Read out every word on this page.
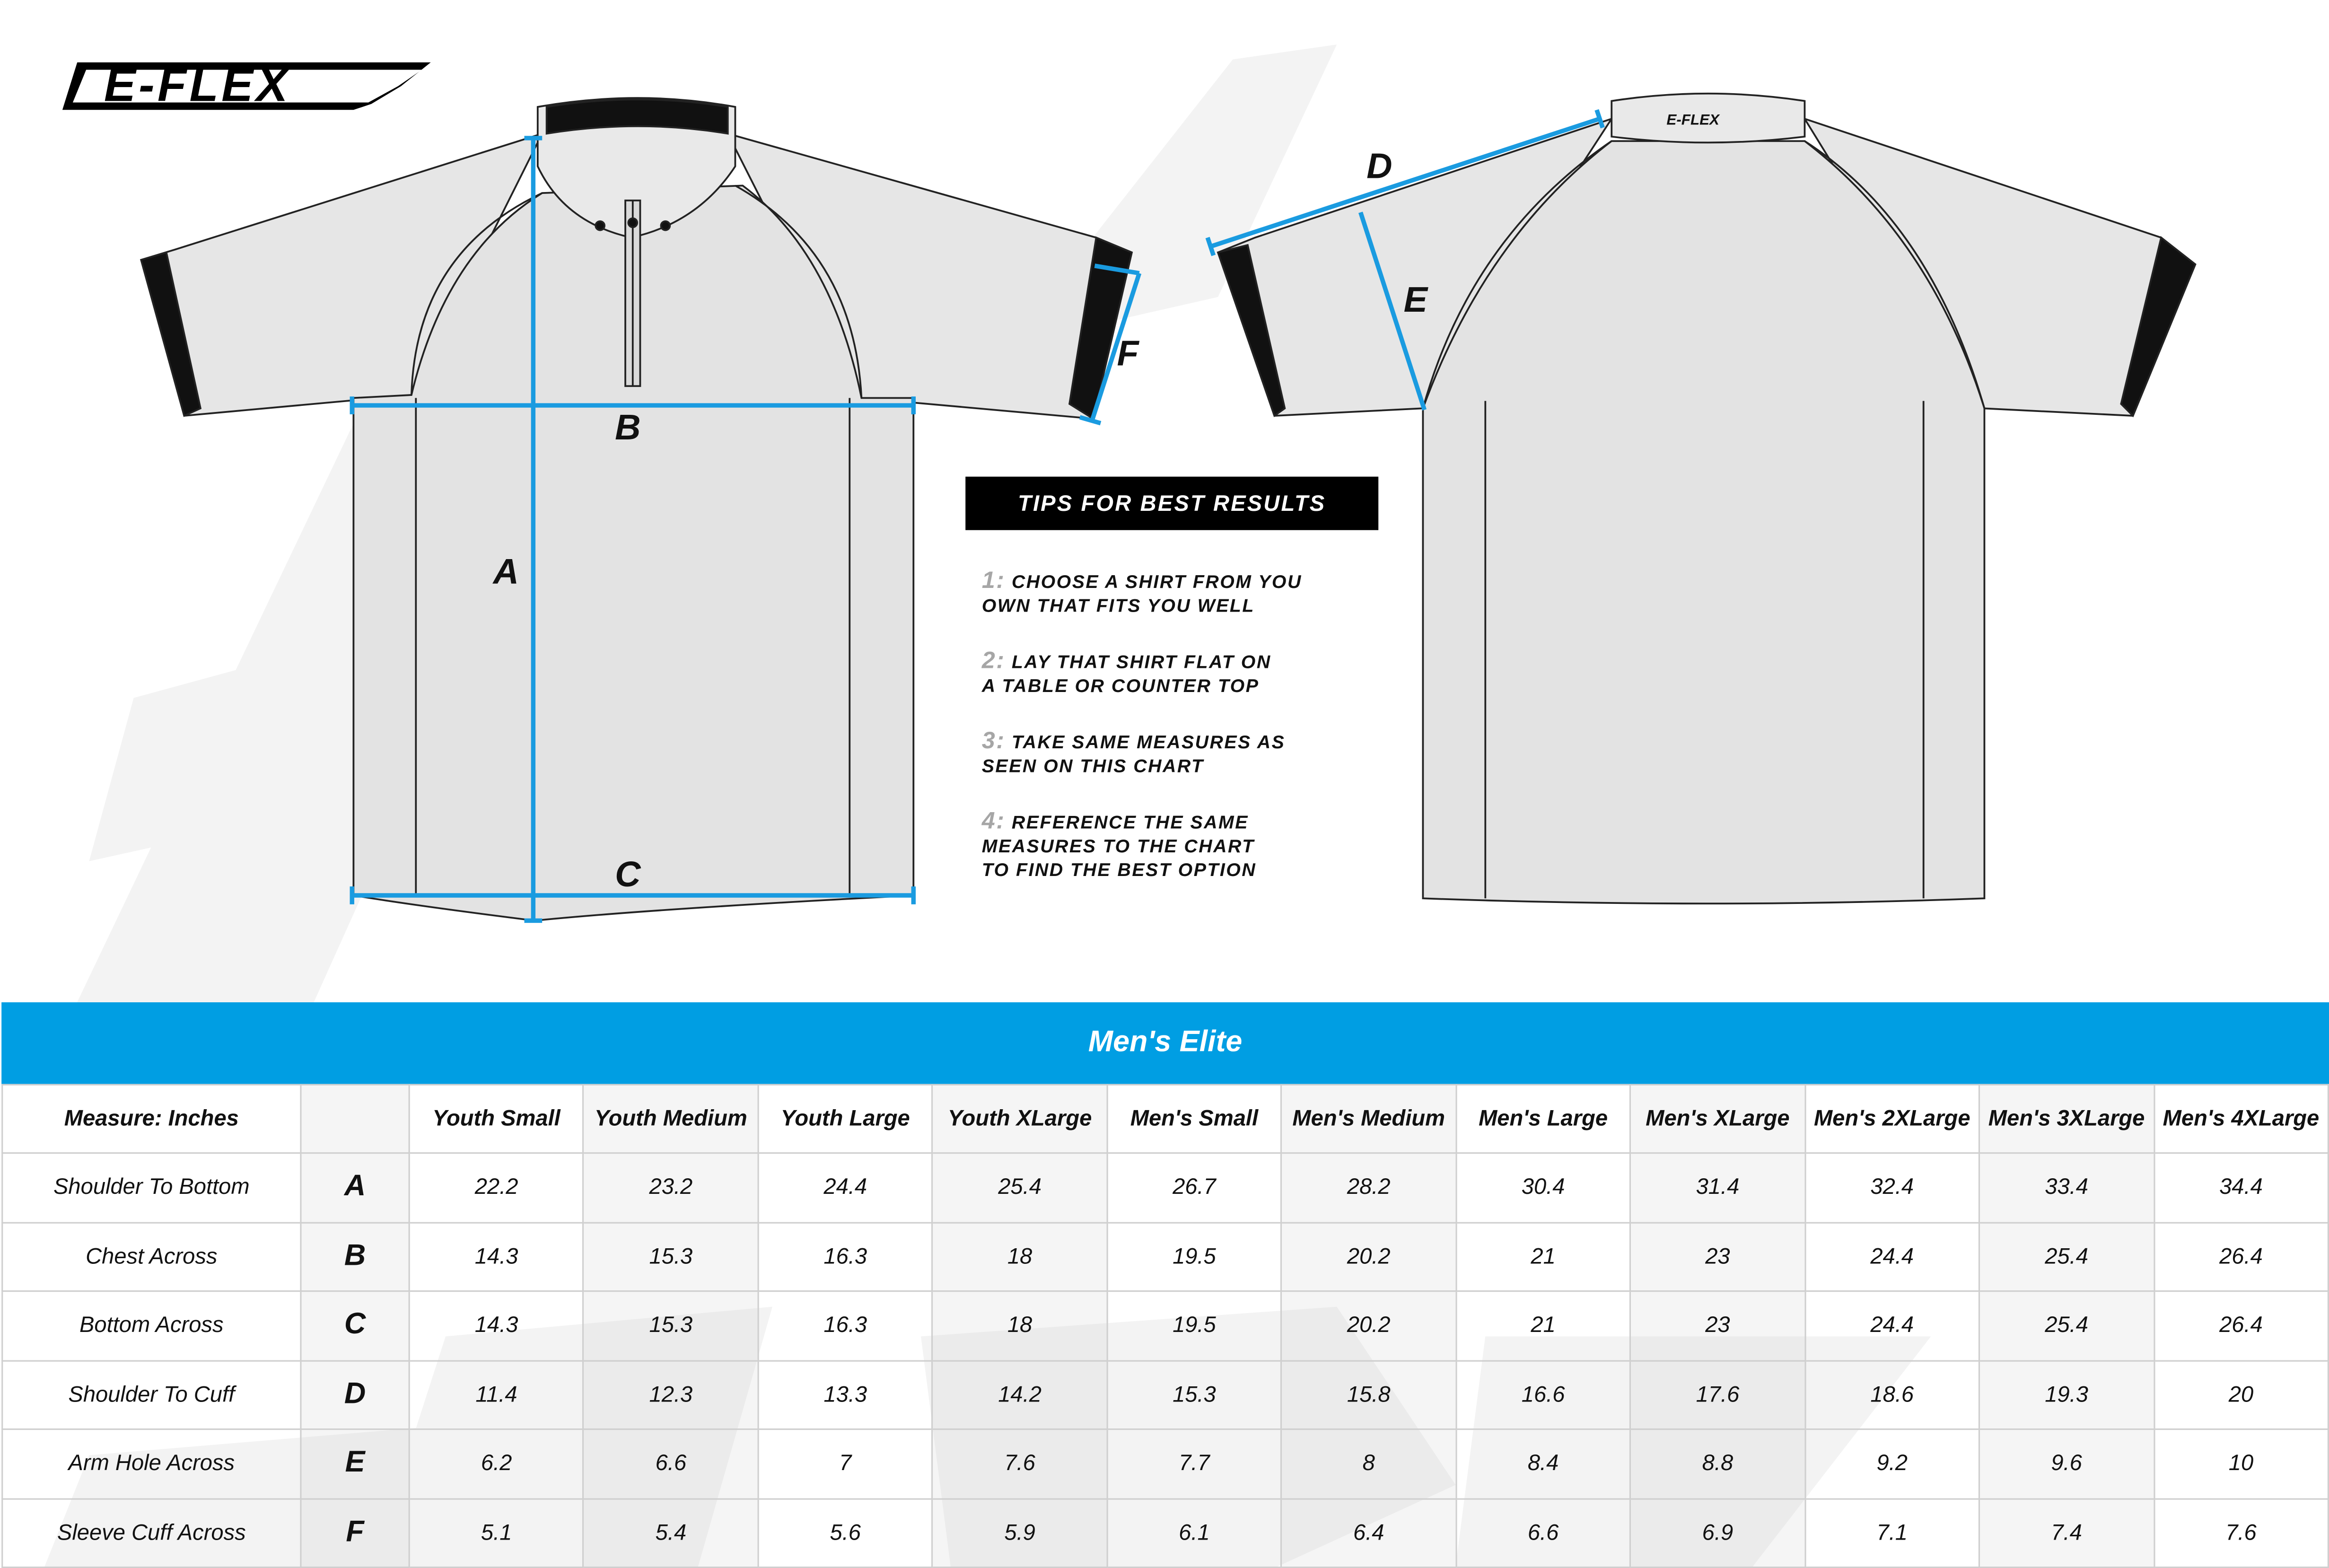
E-FLEX
E-FLEX
A
B
C
D
E
F
TIPS FOR BEST RESULTS
1: CHOOSE A SHIRT FROM YOU
OWN THAT FITS YOU WELL
2: LAY THAT SHIRT FLAT ON
A TABLE OR COUNTER TOP
3: TAKE SAME MEASURES AS
SEEN ON THIS CHART
4: REFERENCE THE SAME
MEASURES TO THE CHART
TO FIND THE BEST OPTION
Men's Elite
Measure: Inches		Youth Small	Youth Medium	Youth Large	Youth XLarge	Men's Small	Men's Medium	Men's Large	Men's XLarge	Men's 2XLarge	Men's 3XLarge	Men's 4XLarge
Shoulder To Bottom	A	22.2	23.2	24.4	25.4	26.7	28.2	30.4	31.4	32.4	33.4	34.4
Chest Across	B	14.3	15.3	16.3	18	19.5	20.2	21	23	24.4	25.4	26.4
Bottom Across	C	14.3	15.3	16.3	18	19.5	20.2	21	23	24.4	25.4	26.4
Shoulder To Cuff	D	11.4	12.3	13.3	14.2	15.3	15.8	16.6	17.6	18.6	19.3	20
Arm Hole Across	E	6.2	6.6	7	7.6	7.7	8	8.4	8.8	9.2	9.6	10
Sleeve Cuff Across	F	5.1	5.4	5.6	5.9	6.1	6.4	6.6	6.9	7.1	7.4	7.6
